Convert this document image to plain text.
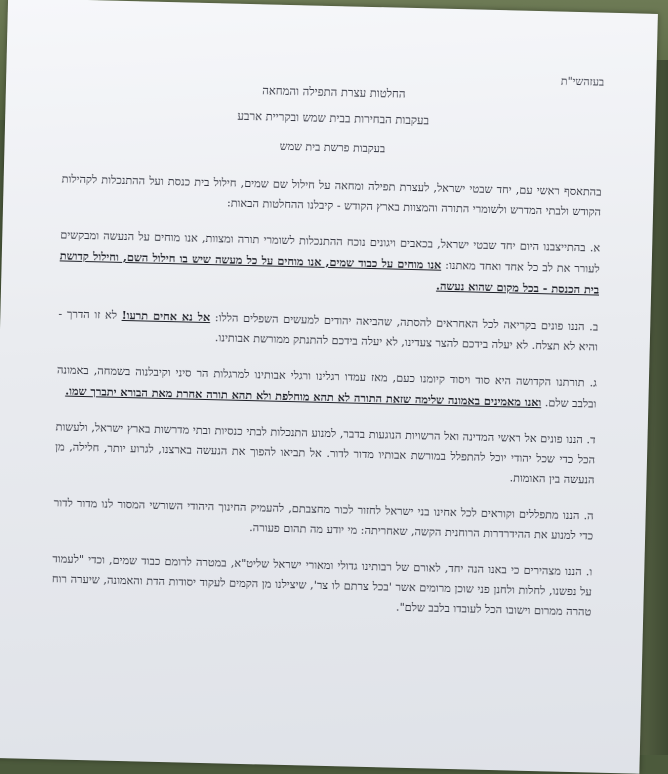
בעזהשי"ת
החלטות עצרת התפילה והמחאה
בעקבות הבחירות בבית שמש ובקריית ארבע
בעקבות פרשת בית שמש
בהתאסף ראשי עם, יחד שבטי ישראל, לעצרת תפילה ומחאה על חילול שם שמים, חילול בית כנסת ועל ההתנכלות לקהילות הקודש ולבתי המדרש ולשומרי התורה והמצוות בארץ הקודש - קיבלנו ההחלטות הבאות:
א. בהתייצבנו היום יחד שבטי ישראל, בכאבים ויגונים נוכח ההתנכלות לשומרי תורה ומצוות, אנו מוחים על הנעשה ומבקשים לעורר את לב כל אחד ואחד מאתנו: אנו מוחים על כבוד שמים, אנו מוחים על כל מעשה שיש בו חילול השם, וחילול קדושת בית הכנסת - בכל מקום שהוא נעשה.
ב. הננו פונים בקריאה לכל האחראים להסתה, שהביאה יהודים למעשים השפלים הללו: אל נא אחים תרעו! לא זו הדרך - והיא לא תצלח. לא יעלה בידכם להצר צעדינו, לא יעלה בידכם להתנתק ממורשת אבותינו.
ג. תורתנו הקדושה היא סוד ויסוד קיומנו כעם, מאז עמדו רגלינו ורגלי אבותינו למרגלות הר סיני וקיבלנוה בשמחה, באמונה ובלבב שלם. ואנו מאמינים באמונה שלימה שזאת התורה לא תהא מוחלפת ולא תהא תורה אחרת מאת הבורא יתברך שמו.
ד. הננו פונים אל ראשי המדינה ואל הרשויות הנוגעות בדבר, למנוע התנכלות לבתי כנסיות ובתי מדרשות בארץ ישראל, ולעשות הכל כדי שכל יהודי יוכל להתפלל במורשת אבותיו מדור לדור. אל תביאו להפוך את הנעשה בארצנו, לגרוע יותר, חלילה, מן הנעשה בין האומות.
ה. הננו מתפללים וקוראים לכל אחינו בני ישראל לחזור לכור מחצבתם, להעמיק החינוך היהודי השורשי המסור לנו מדור לדור כדי למנוע את ההידרדרות הרוחנית הקשה, שאחריתה: מי יודע מה תהום פעורה.
ו. הננו מצהירים כי באנו הנה יחד, לאורם של רבותינו גדולי ומאורי ישראל שליט"א, במטרה לרומם כבוד שמים, וכדי "לעמוד על נפשנו, לחלות ולחנן פני שוכן מרומים אשר 'בכל צרתם לו צר', שיצילנו מן הקמים לעקוד יסודות הדת והאמונה, שיערה רוח טהרה ממרום וישובו הכל לעובדו בלבב שלם".
